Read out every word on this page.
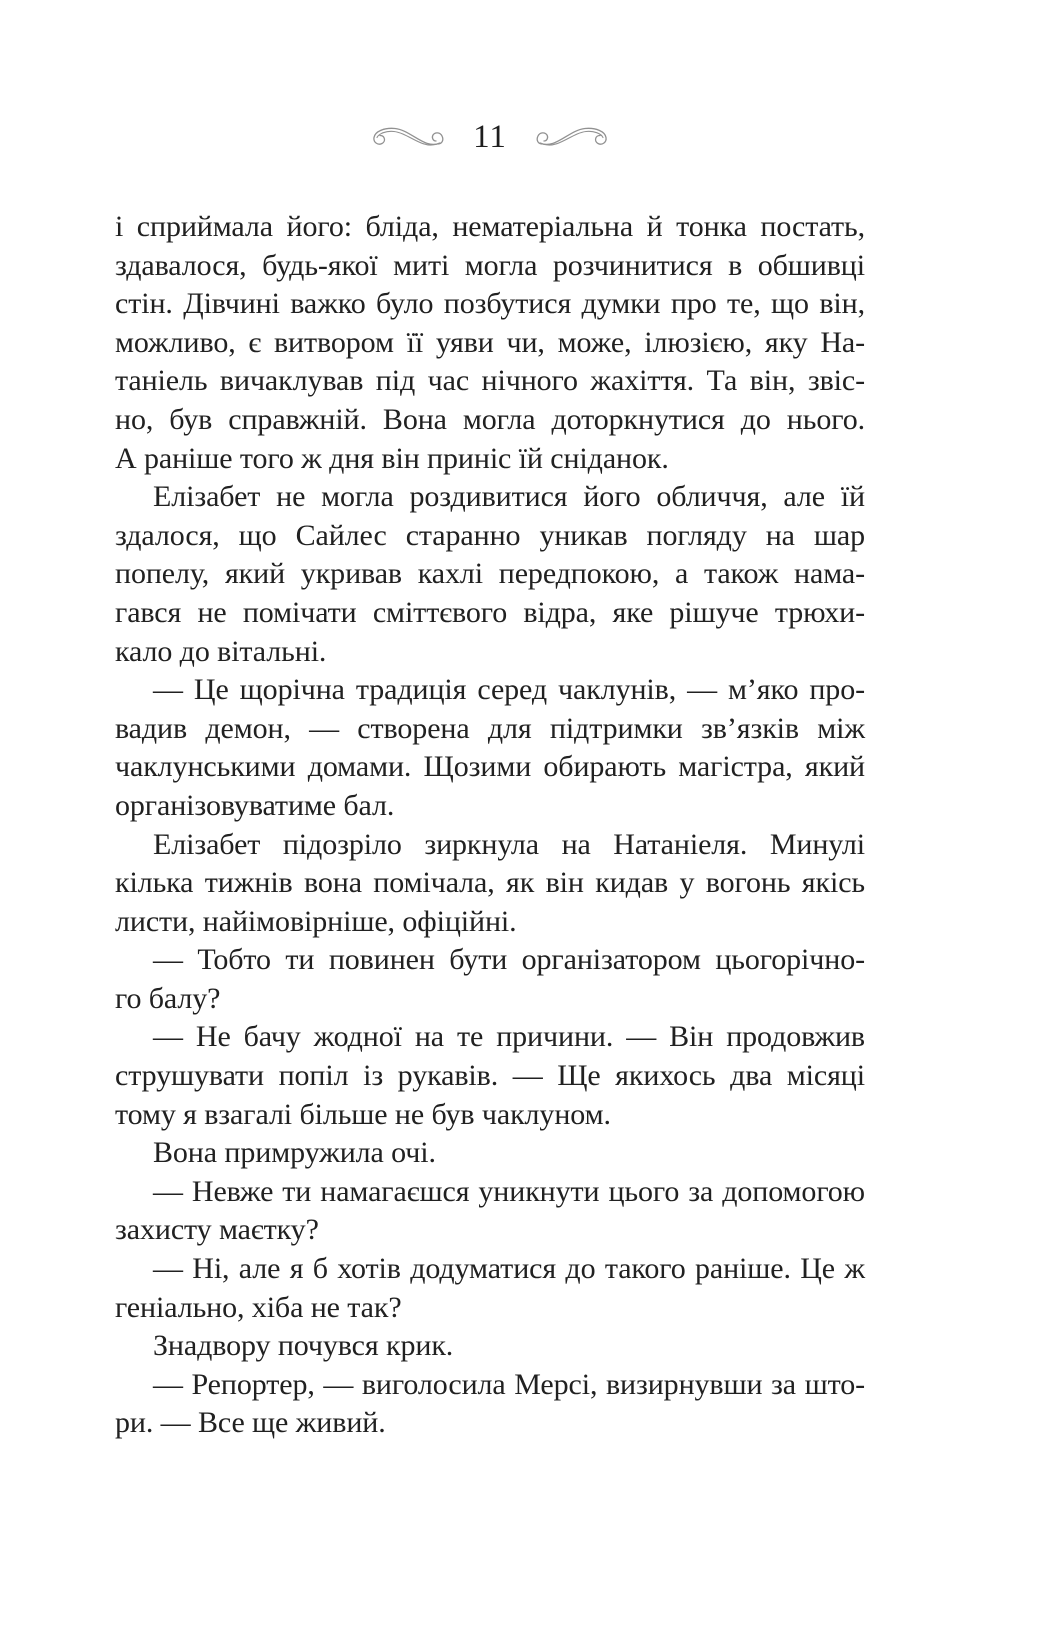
11
і сприймала його: бліда, нематеріальна й тонка постать,
здавалося, будь-якої миті могла розчинитися в обшивці
стін. Дівчині важко було позбутися думки про те, що він,
можливо, є витвором її уяви чи, може, ілюзією, яку На-
таніель вичаклував під час нічного жахіття. Та він, звіс-
но, був справжній. Вона могла доторкнутися до нього.
А раніше того ж дня він приніс їй сніданок.
Елізабет не могла роздивитися його обличчя, але їй
здалося, що Сайлес старанно уникав погляду на шар
попелу, який укривав кахлі передпокою, а також нама-
гався не помічати сміттєвого відра, яке рішуче трюхи-
кало до вітальні.
— Це щорічна традиція серед чаклунів, — м’яко про-
вадив демон, — створена для підтримки зв’язків між
чаклунськими домами. Щозими обирають магістра, який
організовуватиме бал.
Елізабет підозріло зиркнула на Натаніеля. Минулі
кілька тижнів вона помічала, як він кидав у вогонь якісь
листи, найімовірніше, офіційні.
— Тобто ти повинен бути організатором цьогорічно-
го балу?
— Не бачу жодної на те причини. — Він продовжив
струшувати попіл із рукавів. — Ще якихось два місяці
тому я взагалі більше не був чаклуном.
Вона примружила очі.
— Невже ти намагаєшся уникнути цього за допомогою
захисту маєтку?
— Ні, але я б хотів додуматися до такого раніше. Це ж
геніально, хіба не так?
Знадвору почувся крик.
— Репортер, — виголосила Мерсі, визирнувши за што-
ри. — Все ще живий.
